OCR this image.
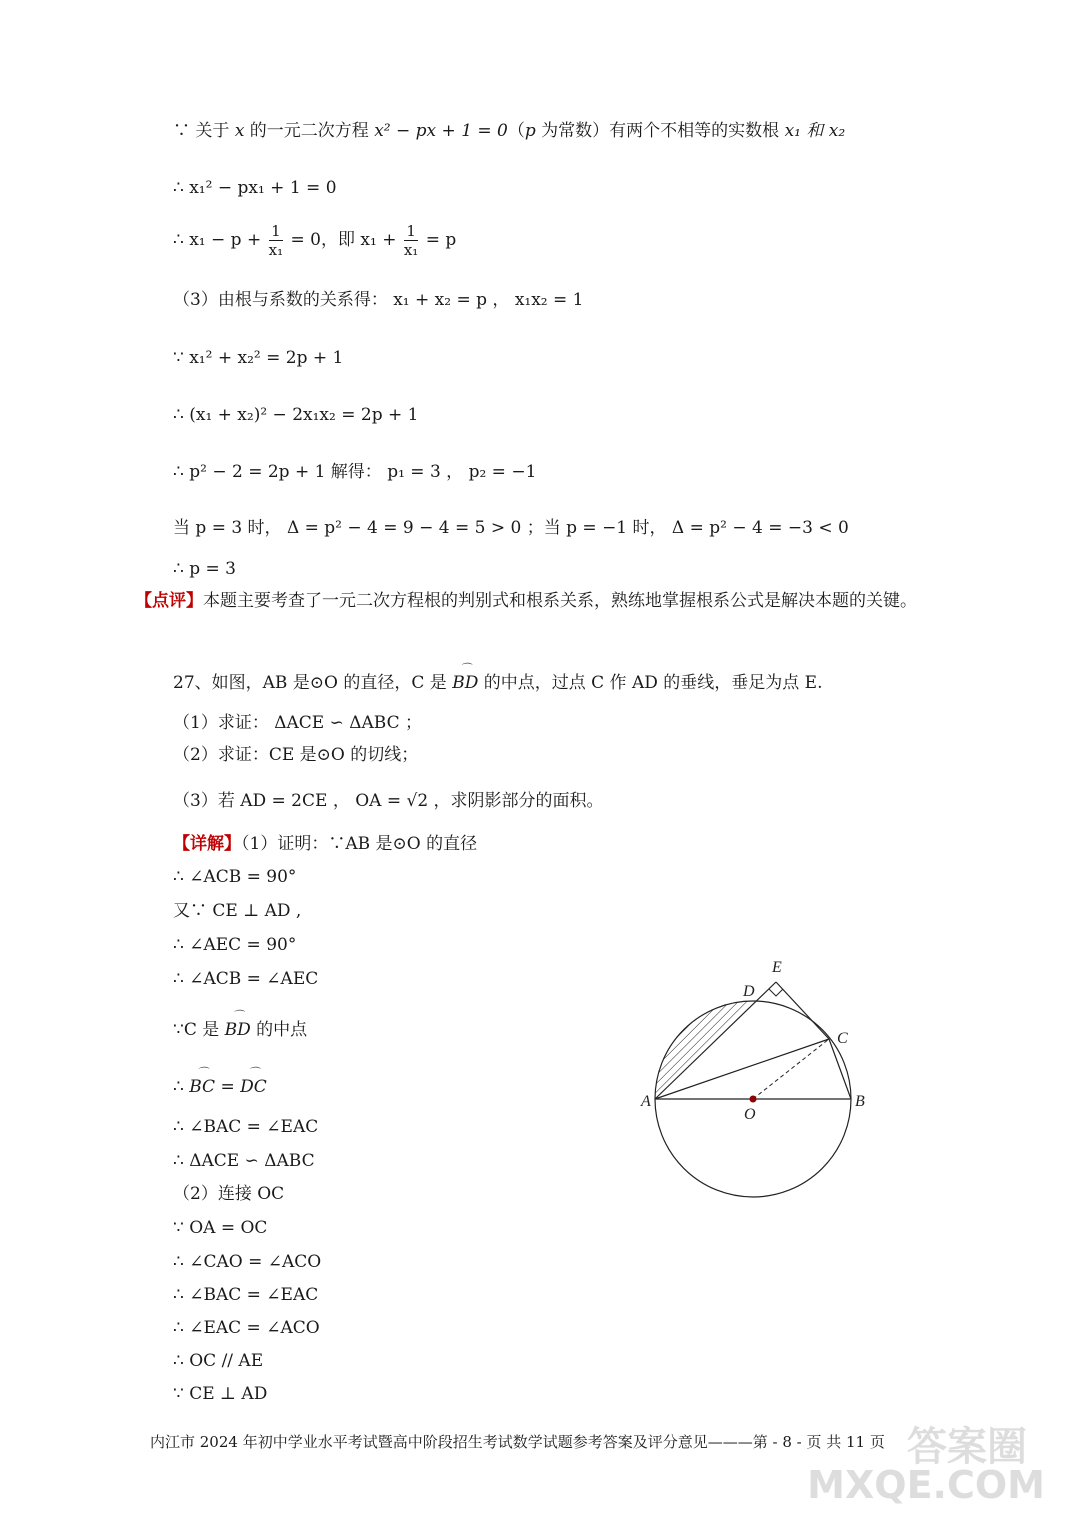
∵ 关于 x 的一元二次方程 x² − px + 1 = 0（p 为常数）有两个不相等的实数根 x₁ 和 x₂
∴ x₁² − px₁ + 1 = 0
∴ $x_1 - p + \frac{1}{\text{x₁}} = 0$，即 $x_1 + \frac{1}{\text{x₁}} = p$
（3）由根与系数的关系得： x₁ + x₂ = p ， x₁x₂ = 1
∵ x₁² + x₂² = 2p + 1
∴ (x₁ + x₂)² − 2x₁x₂ = 2p + 1
∴ p² − 2 = 2p + 1 解得： p₁ = 3 ， p₂ = −1
当 p = 3 时， Δ = p² − 4 = 9 − 4 = 5 > 0 ；当 p = −1 时， Δ = p² − 4 = −3 < 0
∴ p = 3
【点评】本题主要考查了一元二次方程根的判别式和根系关系，熟练地掌握根系公式是解决本题的关键。
27、如图，AB 是⊙O 的直径，C 是 ⌒ BD 的中点，过点 C 作 AD 的垂线，垂足为点 E.
（1）求证： ΔACE ∽ ΔABC ；
（2）求证：CE 是⊙O 的切线；
（3）若 AD = 2CE ， OA = √2 ，求阴影部分的面积。
【详解】（1）证明：∵AB 是⊙O 的直径
∴ ∠ACB = 90°
又∵ CE ⊥ AD ,
∴ ∠AEC = 90°
∴ ∠ACB = ∠AEC
∵C 是 ⌒ BD 的中点
∴ ⌒ BC = ⌒ DC
∴ ∠BAC = ∠EAC
∴ ΔACE ∽ ΔABC
（2）连接 OC
∵ OA = OC
∴ ∠CAO = ∠ACO
∴ ∠BAC = ∠EAC
∴ ∠EAC = ∠ACO
∴ OC // AE
∵ CE ⊥ AD
A	B
C
D
E
O
内江市 2024 年初中学业水平考试暨高中阶段招生考试数学试题参考答案及评分意见———第 - 8 - 页 共 11 页 答案圈
MXQE.COM
